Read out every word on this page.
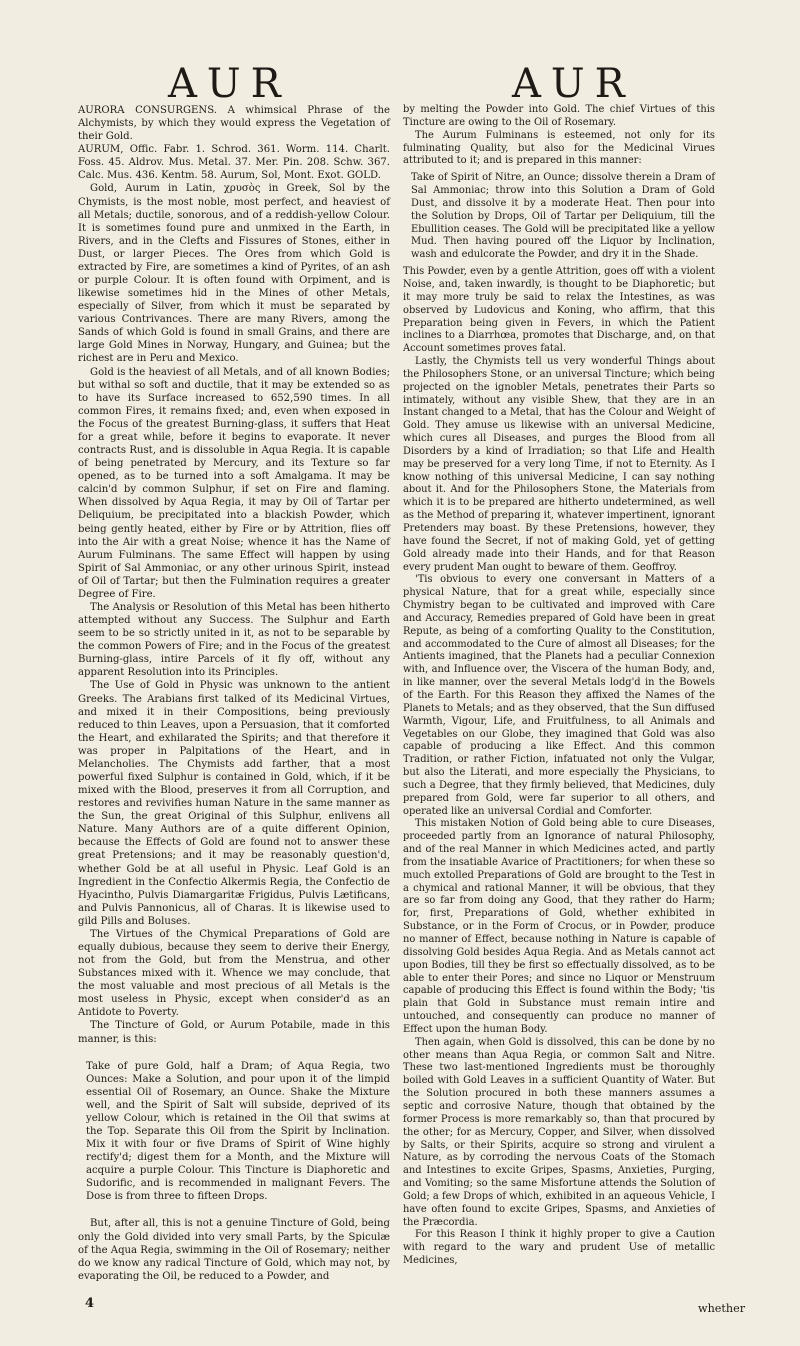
AUR	AUR

AURORA CONSURGENS. A whimsical Phrase of the Alchymists, by which they would express the Vegetation of their Gold.

AURUM, Offic. Fabr. 1. Schrod. 361. Worm. 114. Charlt. Foss. 45. Aldrov. Mus. Metal. 37. Mer. Pin. 208. Schw. 367. Calc. Mus. 436. Kentm. 58. Aurum, Sol, Mont. Exot. GOLD.

Gold, Aurum in Latin, χρυσὸς in Greek, Sol by the Chymists, is the most noble, most perfect, and heaviest of all Metals; ductile, sonorous, and of a reddish-yellow Colour. It is sometimes found pure and unmixed in the Earth, in Rivers, and in the Clefts and Fissures of Stones, either in Dust, or larger Pieces. The Ores from which Gold is extracted by Fire, are sometimes a kind of Pyrites, of an ash or purple Colour. It is often found with Orpiment, and is likewise sometimes hid in the Mines of other Metals, especially of Silver, from which it must be separated by various Contrivances. There are many Rivers, among the Sands of which Gold is found in small Grains, and there are large Gold Mines in Norway, Hungary, and Guinea; but the richest are in Peru and Mexico.

Gold is the heaviest of all Metals, and of all known Bodies; but withal so soft and ductile, that it may be extended so as to have its Surface increased to 652,590 times. In all common Fires, it remains fixed; and, even when exposed in the Focus of the greatest Burning-glass, it suffers that Heat for a great while, before it begins to evaporate. It never contracts Rust, and is dissoluble in Aqua Regia. It is capable of being penetrated by Mercury, and its Texture so far opened, as to be turned into a soft Amalgama. It may be calcin'd by common Sulphur, if set on Fire and flaming. When dissolved by Aqua Regia, it may by Oil of Tartar per Deliquium, be precipitated into a blackish Powder, which being gently heated, either by Fire or by Attrition, flies off into the Air with a great Noise; whence it has the Name of Aurum Fulminans. The same Effect will happen by using Spirit of Sal Ammoniac, or any other urinous Spirit, instead of Oil of Tartar; but then the Fulmination requires a greater Degree of Fire.

The Analysis or Resolution of this Metal has been hitherto attempted without any Success. The Sulphur and Earth seem to be so strictly united in it, as not to be separable by the common Powers of Fire; and in the Focus of the greatest Burning-glass, intire Parcels of it fly off, without any apparent Resolution into its Principles.

The Use of Gold in Physic was unknown to the antient Greeks. The Arabians first talked of its Medicinal Virtues, and mixed it in their Compositions, being previously reduced to thin Leaves, upon a Persuasion, that it comforted the Heart, and exhilarated the Spirits; and that therefore it was proper in Palpitations of the Heart, and in Melancholies. The Chymists add farther, that a most powerful fixed Sulphur is contained in Gold, which, if it be mixed with the Blood, preserves it from all Corruption, and restores and revivifies human Nature in the same manner as the Sun, the great Original of this Sulphur, enlivens all Nature. Many Authors are of a quite different Opinion, because the Effects of Gold are found not to answer these great Pretensions; and it may be reasonably question'd, whether Gold be at all useful in Physic. Leaf Gold is an Ingredient in the Confectio Alkermis Regia, the Confectio de Hyacintho, Pulvis Diamargaritæ Frigidus, Pulvis Lætificans, and Pulvis Pannonicus, all of Charas. It is likewise used to gild Pills and Boluses.

The Virtues of the Chymical Preparations of Gold are equally dubious, because they seem to derive their Energy, not from the Gold, but from the Menstrua, and other Substances mixed with it. Whence we may conclude, that the most valuable and most precious of all Metals is the most useless in Physic, except when consider'd as an Antidote to Poverty.

The Tincture of Gold, or Aurum Potabile, made in this manner, is this:

Take of pure Gold, half a Dram; of Aqua Regia, two Ounces: Make a Solution, and pour upon it of the limpid essential Oil of Rosemary, an Ounce. Shake the Mixture well, and the Spirit of Salt will subside, deprived of its yellow Colour, which is retained in the Oil that swims at the Top. Separate this Oil from the Spirit by Inclination. Mix it with four or five Drams of Spirit of Wine highly rectify'd; digest them for a Month, and the Mixture will acquire a purple Colour. This Tincture is Diaphoretic and Sudorific, and is recommended in malignant Fevers. The Dose is from three to fifteen Drops.

But, after all, this is not a genuine Tincture of Gold, being only the Gold divided into very small Parts, by the Spiculæ of the Aqua Regia, swimming in the Oil of Rosemary; neither do we know any radical Tincture of Gold, which may not, by evaporating the Oil, be reduced to a Powder, and

by melting the Powder into Gold. The chief Virtues of this Tincture are owing to the Oil of Rosemary.

The Aurum Fulminans is esteemed, not only for its fulminating Quality, but also for the Medicinal Virues attributed to it; and is prepared in this manner:

Take of Spirit of Nitre, an Ounce; dissolve therein a Dram of Sal Ammoniac; throw into this Solution a Dram of Gold Dust, and dissolve it by a moderate Heat. Then pour into the Solution by Drops, Oil of Tartar per Deliquium, till the Ebullition ceases. The Gold will be precipitated like a yellow Mud. Then having poured off the Liquor by Inclination, wash and edulcorate the Powder, and dry it in the Shade.

This Powder, even by a gentle Attrition, goes off with a violent Noise, and, taken inwardly, is thought to be Diaphoretic; but it may more truly be said to relax the Intestines, as was observed by Ludovicus and Koning, who affirm, that this Preparation being given in Fevers, in which the Patient inclines to a Diarrhœa, promotes that Discharge, and, on that Account sometimes proves fatal.

Lastly, the Chymists tell us very wonderful Things about the Philosophers Stone, or an universal Tincture; which being projected on the ignobler Metals, penetrates their Parts so intimately, without any visible Shew, that they are in an Instant changed to a Metal, that has the Colour and Weight of Gold. They amuse us likewise with an universal Medicine, which cures all Diseases, and purges the Blood from all Disorders by a kind of Irradiation; so that Life and Health may be preserved for a very long Time, if not to Eternity. As I know nothing of this universal Medicine, I can say nothing about it. And for the Philosophers Stone, the Materials from which it is to be prepared are hitherto undetermined, as well as the Method of preparing it, whatever impertinent, ignorant Pretenders may boast. By these Pretensions, however, they have found the Secret, if not of making Gold, yet of getting Gold already made into their Hands, and for that Reason every prudent Man ought to beware of them. Geoffroy.

'Tis obvious to every one conversant in Matters of a physical Nature, that for a great while, especially since Chymistry began to be cultivated and improved with Care and Accuracy, Remedies prepared of Gold have been in great Repute, as being of a comforting Quality to the Constitution, and accommodated to the Cure of almost all Diseases; for the Antients imagined, that the Planets had a peculiar Connexion with, and Influence over, the Viscera of the human Body, and, in like manner, over the several Metals lodg'd in the Bowels of the Earth. For this Reason they affixed the Names of the Planets to Metals; and as they observed, that the Sun diffused Warmth, Vigour, Life, and Fruitfulness, to all Animals and Vegetables on our Globe, they imagined that Gold was also capable of producing a like Effect. And this common Tradition, or rather Fiction, infatuated not only the Vulgar, but also the Literati, and more especially the Physicians, to such a Degree, that they firmly believed, that Medicines, duly prepared from Gold, were far superior to all others, and operated like an universal Cordial and Comforter.

This mistaken Notion of Gold being able to cure Diseases, proceeded partly from an Ignorance of natural Philosophy, and of the real Manner in which Medicines acted, and partly from the insatiable Avarice of Practitioners; for when these so much extolled Preparations of Gold are brought to the Test in a chymical and rational Manner, it will be obvious, that they are so far from doing any Good, that they rather do Harm; for, first, Preparations of Gold, whether exhibited in Substance, or in the Form of Crocus, or in Powder, produce no manner of Effect, because nothing in Nature is capable of dissolving Gold besides Aqua Regia. And as Metals cannot act upon Bodies, till they be first so effectually dissolved, as to be able to enter their Pores; and since no Liquor or Menstruum capable of producing this Effect is found within the Body; 'tis plain that Gold in Substance must remain intire and untouched, and consequently can produce no manner of Effect upon the human Body.

Then again, when Gold is dissolved, this can be done by no other means than Aqua Regia, or common Salt and Nitre. These two last-mentioned Ingredients must be thoroughly boiled with Gold Leaves in a sufficient Quantity of Water. But the Solution procured in both these manners assumes a septic and corrosive Nature, though that obtained by the former Process is more remarkably so, than that procured by the other; for as Mercury, Copper, and Silver, when dissolved by Salts, or their Spirits, acquire so strong and virulent a Nature, as by corroding the nervous Coats of the Stomach and Intestines to excite Gripes, Spasms, Anxieties, Purging, and Vomiting; so the same Misfortune attends the Solution of Gold; a few Drops of which, exhibited in an aqueous Vehicle, I have often found to excite Gripes, Spasms, and Anxieties of the Præcordia.

For this Reason I think it highly proper to give a Caution with regard to the wary and prudent Use of metallic Medicines,

4	whether
